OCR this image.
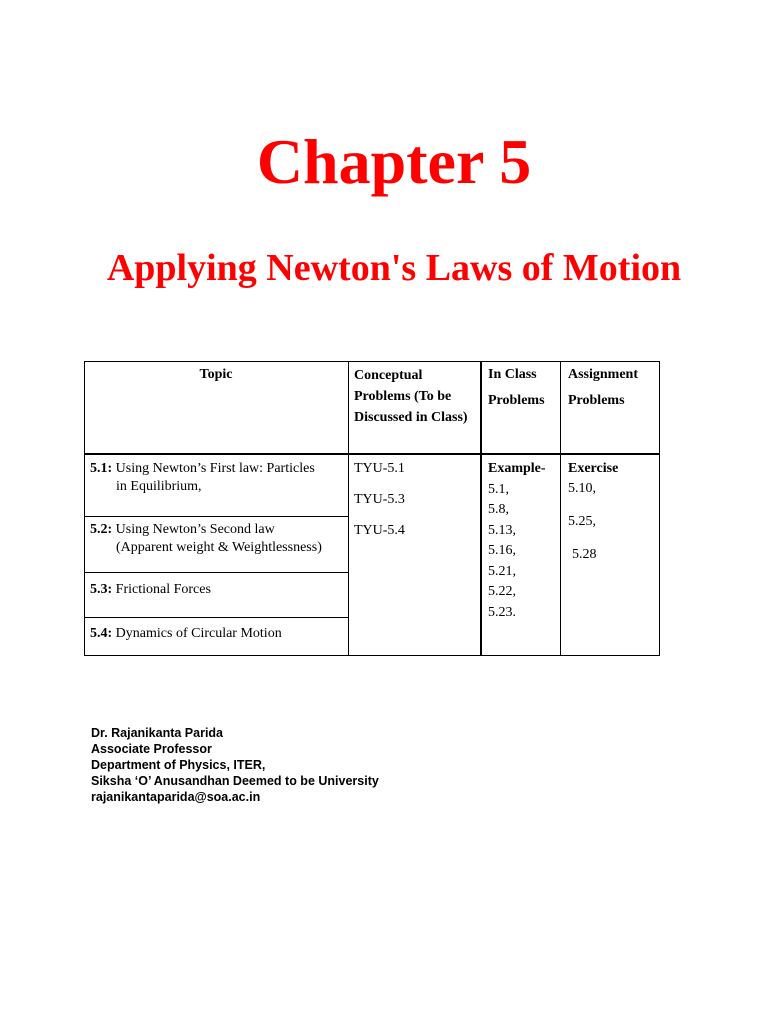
Chapter 5
Applying Newton's Laws of Motion
Topic	Conceptual
Problems (To be
Discussed in Class)
In Class
Problems
Assignment
Problems
5.1: Using Newton’s First law: Particles
in Equilibrium,
5.2: Using Newton’s Second law
(Apparent weight & Weightlessness)
5.3: Frictional Forces
5.4: Dynamics of Circular Motion
TYU-5.1
TYU-5.3
TYU-5.4
Example-
5.1,
5.8,
5.13,
5.16,
5.21,
5.22,
5.23.
Exercise
5.10,
5.25,
5.28
Dr. Rajanikanta Parida
Associate Professor
Department of Physics, ITER,
Siksha ‘O’ Anusandhan Deemed to be University
rajanikantaparida@soa.ac.in
